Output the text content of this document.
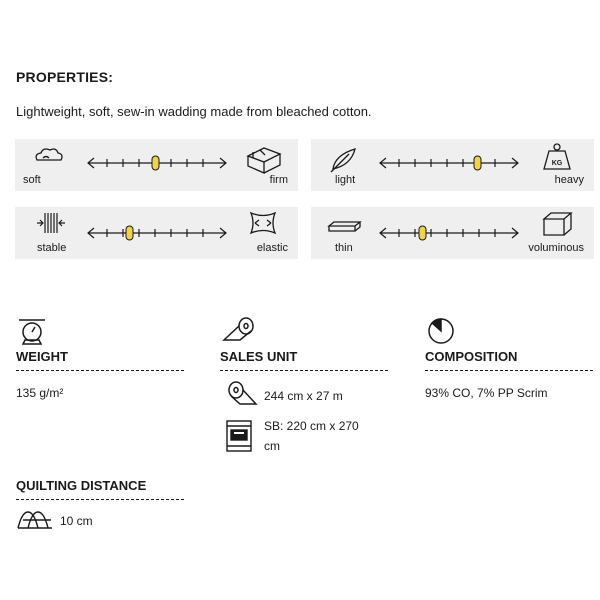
PROPERTIES:
Lightweight, soft, sew-in wadding made from bleached cotton.
soft	firm
KG
light	heavy
stable	elastic	thin	voluminous
WEIGHT
135 g/m²
SALES UNIT
244 cm x 27 m
SB: 220 cm x 270
cm
COMPOSITION
93% CO, 7% PP Scrim
QUILTING DISTANCE
10 cm
